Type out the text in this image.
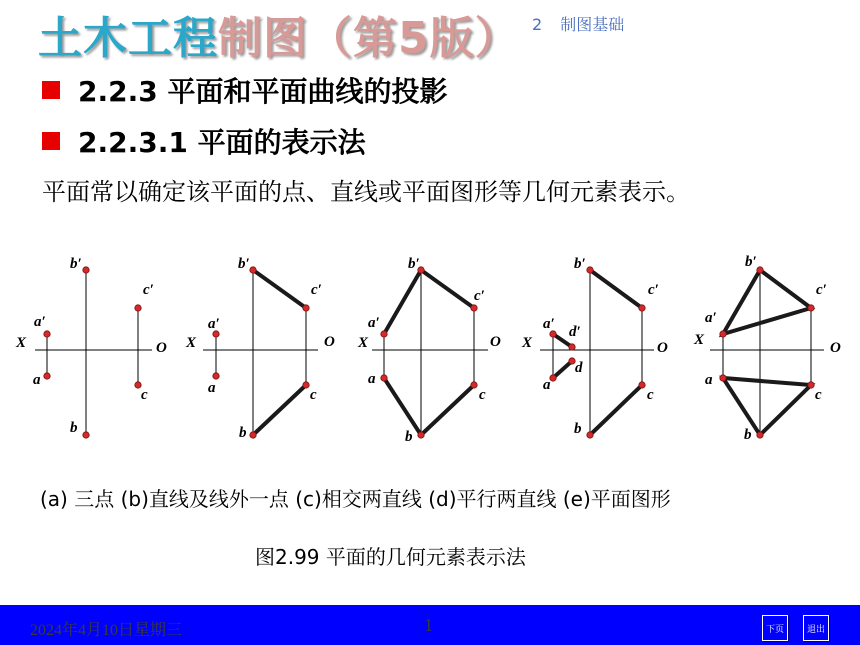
土木工程制图（第5版） 2 制图基础
2.2.3 平面和平面曲线的投影
2.2.3.1 平面的表示法
平面常以确定该平面的点、直线或平面图形等几何元素表示。
X	O
b′
c′
a′
a
c
b
X	O
b′
c′
a′
a	c
b
X	O
b′
c′
a′
a
c
b
X	O
b′
c′
a′ d′
d
a
c
b
X	O
b′
c′
a′
a
c
b
(a) 三点 (b)直线及线外一点 (c)相交两直线 (d)平行两直线 (e)平面图形
图2.99 平面的几何元素表示法
2024年4月10日星期三	1	下页	退出
